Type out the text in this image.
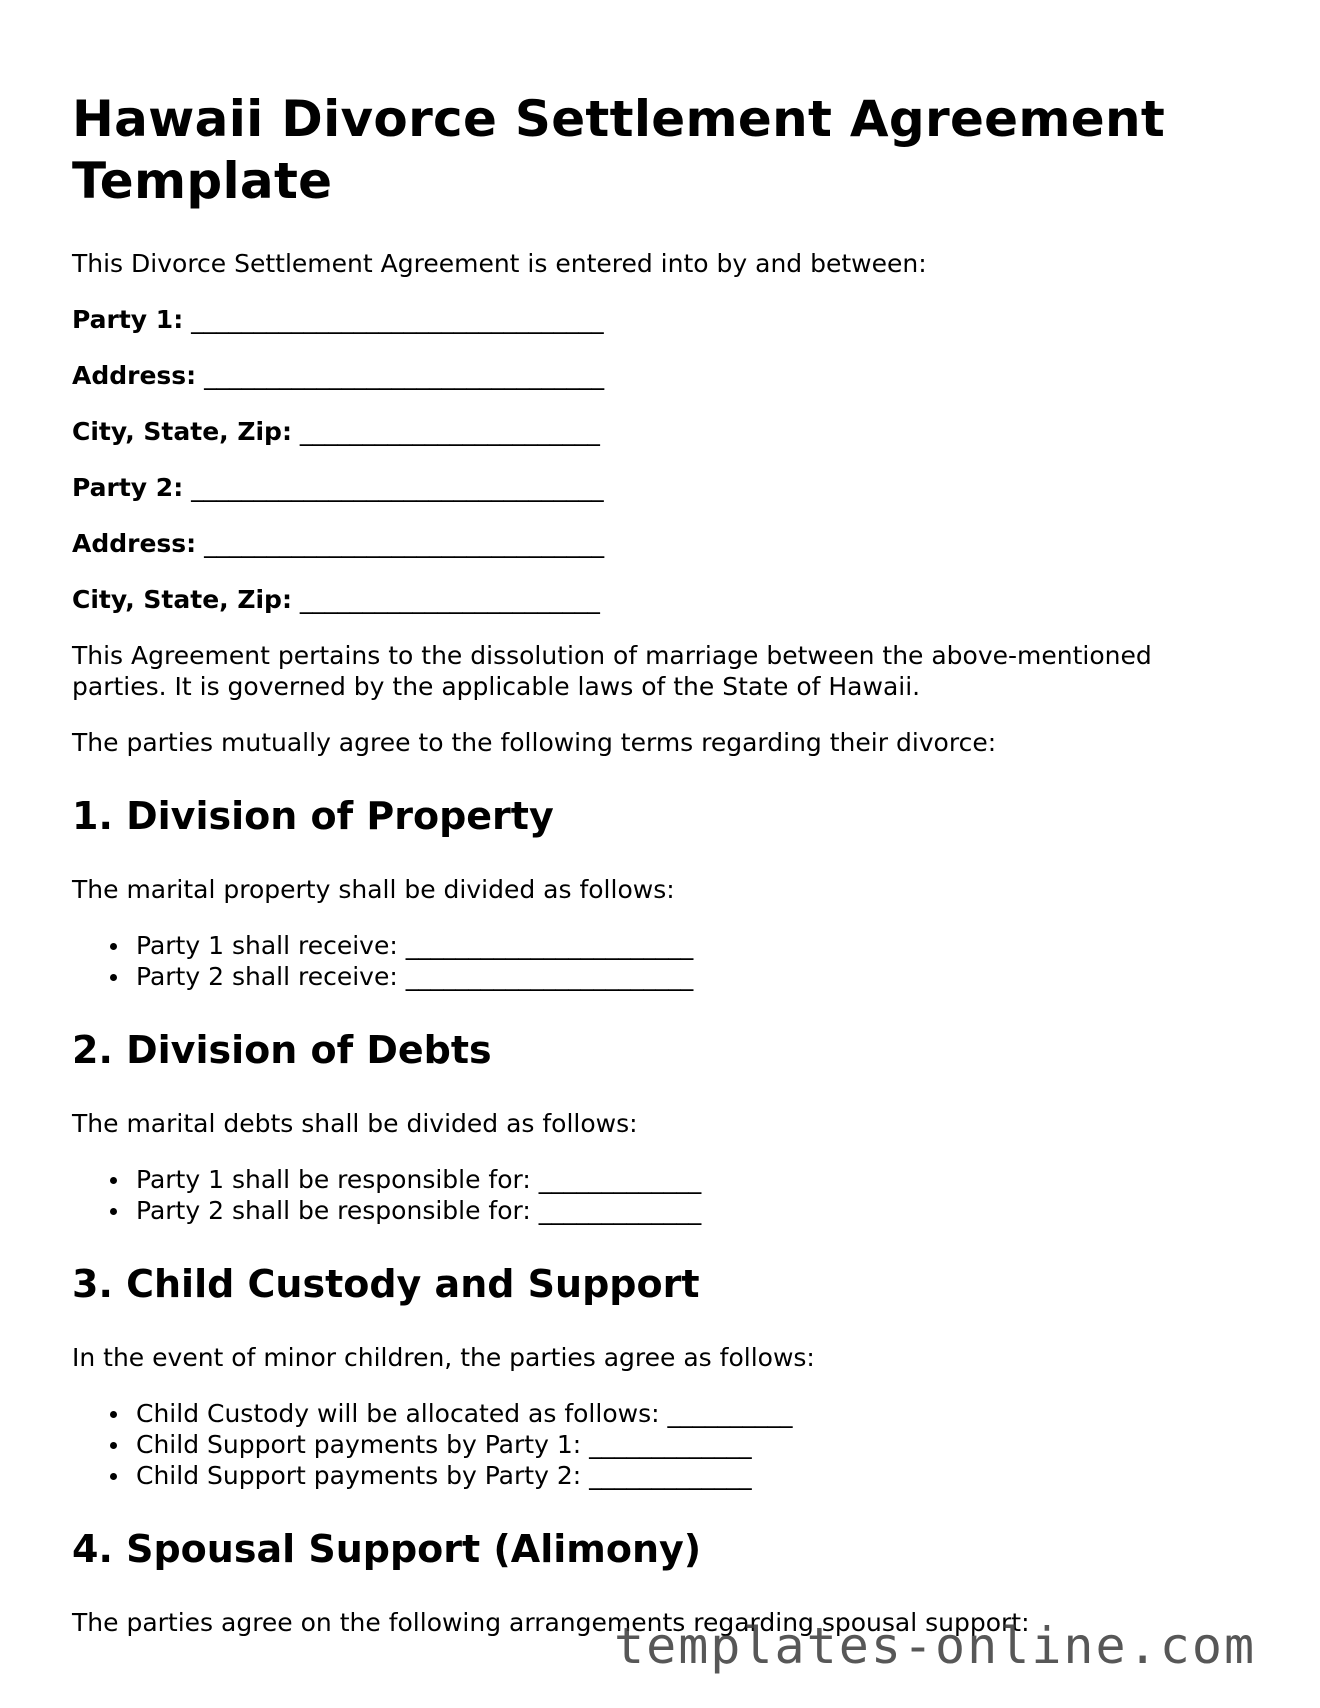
Hawaii Divorce Settlement Agreement Template

This Divorce Settlement Agreement is entered into by and between:

Party 1: _________________________________
Address: ________________________________
City, State, Zip: ________________________
Party 2: _________________________________
Address: ________________________________
City, State, Zip: ________________________

This Agreement pertains to the dissolution of marriage between the above-mentioned parties. It is governed by the applicable laws of the State of Hawaii.

The parties mutually agree to the following terms regarding their divorce:

1. Division of Property

The marital property shall be divided as follows:

Party 1 shall receive: _______________________
Party 2 shall receive: _______________________
2. Division of Debts

The marital debts shall be divided as follows:

Party 1 shall be responsible for: _____________
Party 2 shall be responsible for: _____________
3. Child Custody and Support

In the event of minor children, the parties agree as follows:

Child Custody will be allocated as follows: __________
Child Support payments by Party 1: _____________
Child Support payments by Party 2: _____________
4. Spousal Support (Alimony)

The parties agree on the following arrangements regarding spousal support:

templates-online.com
